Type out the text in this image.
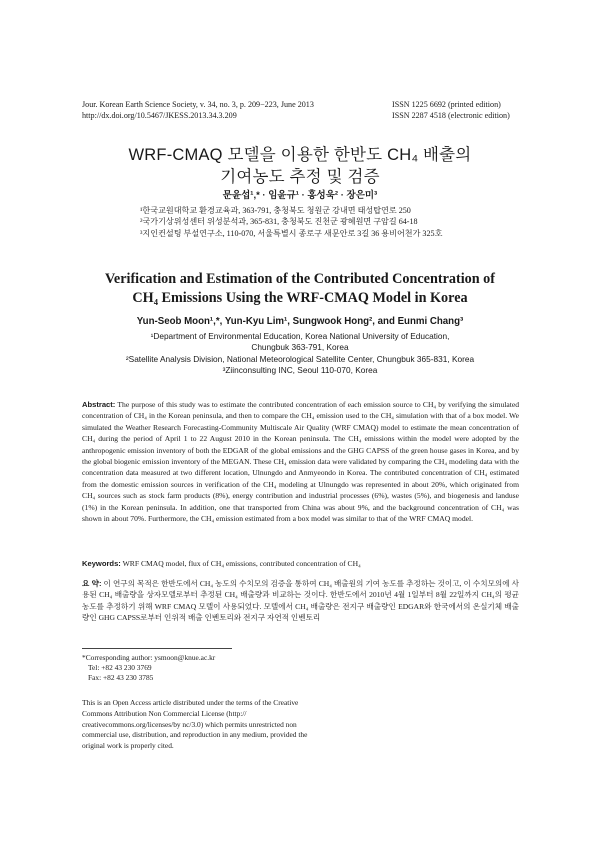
Jour. Korean Earth Science Society, v. 34, no. 3, p. 209−223, June 2013
http://dx.doi.org/10.5467/JKESS.2013.34.3.209
ISSN 1225 6692 (printed edition)
ISSN 2287 4518 (electronic edition)
WRF-CMAQ 모델을 이용한 한반도 CH₄ 배출의
기여농도 추정 및 검증
문윤섭¹,* · 임윤규¹ · 홍성욱² · 장은미³
¹한국교원대학교 환경교육과, 363-791, 충청북도 청원군 강내면 태성탑연로 250
²국가기상위성센터 위성분석과, 365-831, 충청북도 진천군 광혜원면 구암길 64-18
³지인컨설팅 부설연구소, 110-070, 서울특별시 종로구 새문안로 3길 36 용비어천가 325호
Verification and Estimation of the Contributed Concentration of
CH₄ Emissions Using the WRF-CMAQ Model in Korea
Yun-Seob Moon¹,*, Yun-Kyu Lim¹, Sungwook Hong², and Eunmi Chang³
¹Department of Environmental Education, Korea National University of Education,
Chungbuk 363-791, Korea
²Satellite Analysis Division, National Meteorological Satellite Center, Chungbuk 365-831, Korea
³Ziinconsulting INC, Seoul 110-070, Korea
Abstract: The purpose of this study was to estimate the contributed concentration of each emission source to CH₄ by verifying the simulated concentration of CH₄ in the Korean peninsula, and then to compare the CH₄ emission used to the CH₄ simulation with that of a box model. We simulated the Weather Research Forecasting-Community Multiscale Air Quality (WRF CMAQ) model to estimate the mean concentration of CH₄ during the period of April 1 to 22 August 2010 in the Korean peninsula. The CH₄ emissions within the model were adopted by the anthropogenic emission inventory of both the EDGAR of the global emissions and the GHG CAPSS of the green house gases in Korea, and by the global biogenic emission inventory of the MEGAN. These CH₄ emission data were validated by comparing the CH₄ modeling data with the concentration data measured at two different location, Ulnungdo and Anmyeondo in Korea. The contributed concentration of CH₄ estimated from the domestic emission sources in verification of the CH₄ modeling at Ulnungdo was represented in about 20%, which originated from CH₄ sources such as stock farm products (8%), energy contribution and industrial processes (6%), wastes (5%), and biogenesis and landuse (1%) in the Korean peninsula. In addition, one that transported from China was about 9%, and the background concentration of CH₄ was shown in about 70%. Furthermore, the CH₄ emission estimated from a box model was similar to that of the WRF CMAQ model.
Keywords: WRF CMAQ model, flux of CH₄ emissions, contributed concentration of CH₄
요 약: 이 연구의 목적은 한반도에서 CH₄ 농도의 수치모의 검증을 통하여 CH₄ 배출원의 기여 농도를 추정하는 것이고, 이 수치모의에 사용된 CH₄ 배출량을 상자모델로부터 추정된 CH₄ 배출량과 비교하는 것이다. 한반도에서 2010년 4월 1일부터 8월 22일까지 CH₄의 평균 농도를 추정하기 위해 WRF CMAQ 모델이 사용되었다. 모델에서 CH₄ 배출량은 전지구 배출량인 EDGAR와 한국에서의 온실기체 배출량인 GHG CAPSS로부터 인위적 배출 인벤토리와 전지구 자연적 인벤토리
*Corresponding author: ysmoon@knue.ac.kr
Tel: +82 43 230 3769
Fax: +82 43 230 3785
This is an Open Access article distributed under the terms of the Creative Commons Attribution Non Commercial License (http:// creativecommons.org/licenses/by nc/3.0) which permits unrestricted non commercial use, distribution, and reproduction in any medium, provided the original work is properly cited.
